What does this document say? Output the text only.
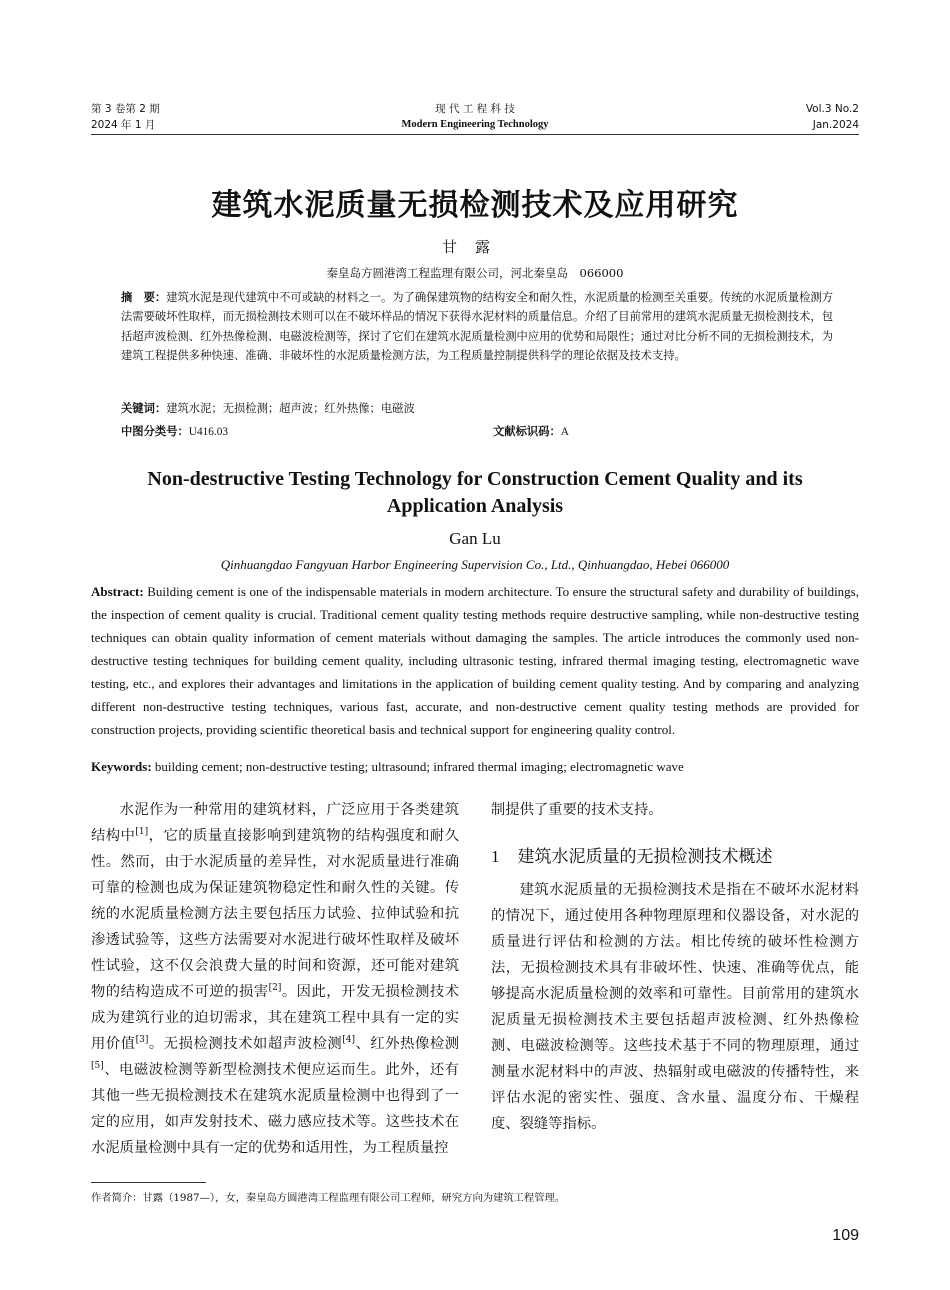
第 3 卷第 2 期
2024 年 1 月
现 代 工 程 科 技
Modern Engineering Technology
Vol.3 No.2
Jan.2024
建筑水泥质量无损检测技术及应用研究
甘露
秦皇岛方圆港湾工程监理有限公司，河北秦皇岛　066000
摘　要：建筑水泥是现代建筑中不可或缺的材料之一。为了确保建筑物的结构安全和耐久性，水泥质量的检测至关重要。传统的水泥质量检测方法需要破坏性取样，而无损检测技术则可以在不破坏样品的情况下获得水泥材料的质量信息。介绍了目前常用的建筑水泥质量无损检测技术，包括超声波检测、红外热像检测、电磁波检测等，探讨了它们在建筑水泥质量检测中应用的优势和局限性；通过对比分析不同的无损检测技术，为建筑工程提供多种快速、准确、非破坏性的水泥质量检测方法，为工程质量控制提供科学的理论依据及技术支持。
关键词：建筑水泥；无损检测；超声波；红外热像；电磁波
中图分类号：U416.03	文献标识码：A
Non-destructive Testing Technology for Construction Cement Quality and its
Application Analysis
Gan Lu
Qinhuangdao Fangyuan Harbor Engineering Supervision Co., Ltd., Qinhuangdao, Hebei 066000
Abstract: Building cement is one of the indispensable materials in modern architecture. To ensure the structural safety and durability of buildings, the inspection of cement quality is crucial. Traditional cement quality testing methods require destructive sampling, while non-destructive testing techniques can obtain quality information of cement materials without damaging the samples. The article introduces the commonly used non-destructive testing techniques for building cement quality, including ultrasonic testing, infrared thermal imaging testing, electromagnetic wave testing, etc., and explores their advantages and limitations in the application of building cement quality testing. And by comparing and analyzing different non-destructive testing techniques, various fast, accurate, and non-destructive cement quality testing methods are provided for construction projects, providing scientific theoretical basis and technical support for engineering quality control.
Keywords: building cement; non-destructive testing; ultrasound; infrared thermal imaging; electromagnetic wave

水泥作为一种常用的建筑材料，广泛应用于各类建筑结构中[1]，它的质量直接影响到建筑物的结构强度和耐久性。然而，由于水泥质量的差异性，对水泥质量进行准确可靠的检测也成为保证建筑物稳定性和耐久性的关键。传统的水泥质量检测方法主要包括压力试验、拉伸试验和抗渗透试验等，这些方法需要对水泥进行破坏性取样及破坏性试验，这不仅会浪费大量的时间和资源，还可能对建筑物的结构造成不可逆的损害[2]。因此，开发无损检测技术成为建筑行业的迫切需求，其在建筑工程中具有一定的实用价值[3]。无损检测技术如超声波检测[4]、红外热像检测[5]、电磁波检测等新型检测技术便应运而生。此外，还有其他一些无损检测技术在建筑水泥质量检测中也得到了一定的应用，如声发射技术、磁力感应技术等。这些技术在水泥质量检测中具有一定的优势和适用性，为工程质量控

制提供了重要的技术支持。

1 建筑水泥质量的无损检测技术概述

建筑水泥质量的无损检测技术是指在不破坏水泥材料的情况下，通过使用各种物理原理和仪器设备，对水泥的质量进行评估和检测的方法。相比传统的破坏性检测方法，无损检测技术具有非破坏性、快速、准确等优点，能够提高水泥质量检测的效率和可靠性。目前常用的建筑水泥质量无损检测技术主要包括超声波检测、红外热像检测、电磁波检测等。这些技术基于不同的物理原理，通过测量水泥材料中的声波、热辐射或电磁波的传播特性，来评估水泥的密实性、强度、含水量、温度分布、干燥程度、裂缝等指标。

作者简介：甘露（1987—），女，秦皇岛方圆港湾工程监理有限公司工程师，研究方向为建筑工程管理。
109
